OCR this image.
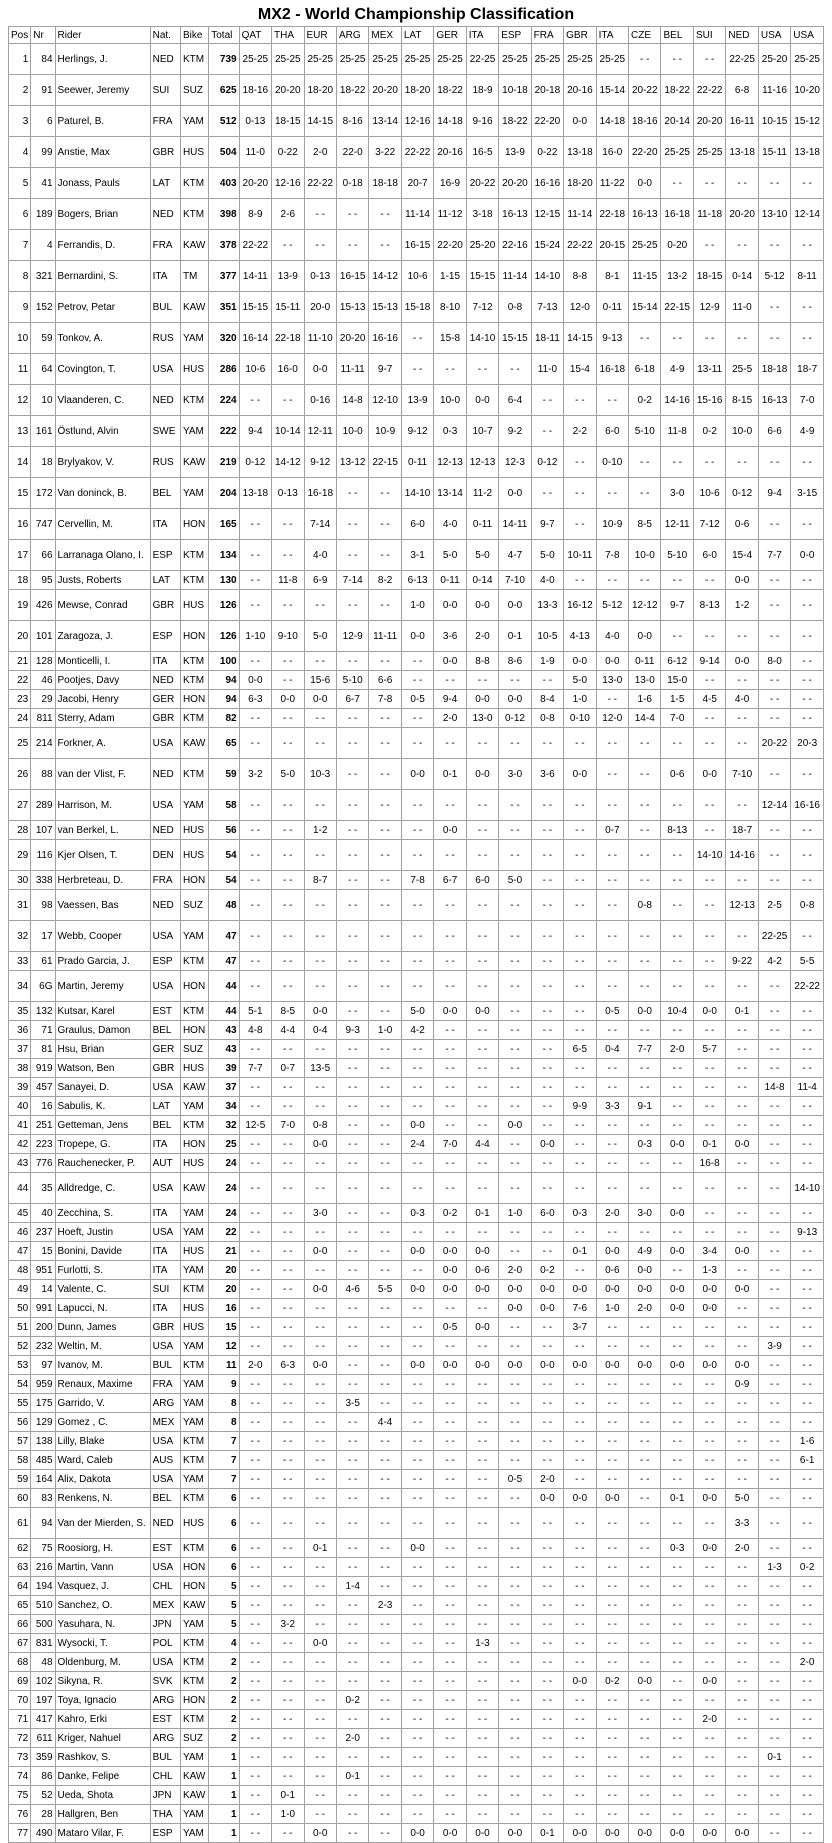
MX2 - World Championship Classification
Pos	Nr	Rider	Nat.	Bike	Total	QAT	THA	EUR	ARG	MEX	LAT	GER	ITA	ESP	FRA	GBR	ITA	CZE	BEL	SUI	NED	USA	USA
1	84	Herlings, J.	NED	KTM	739	25-25	25-25	25-25	25-25	25-25	25-25	25-25	22-25	25-25	25-25	25-25	25-25	- -	- -	- -	22-25	25-20	25-25
2	91	Seewer, Jeremy	SUI	SUZ	625	18-16	20-20	18-20	18-22	20-20	18-20	18-22	18-9	10-18	20-18	20-16	15-14	20-22	18-22	22-22	6-8	11-16	10-20
3	6	Paturel, B.	FRA	YAM	512	0-13	18-15	14-15	8-16	13-14	12-16	14-18	9-16	18-22	22-20	0-0	14-18	18-16	20-14	20-20	16-11	10-15	15-12
4	99	Anstie, Max	GBR	HUS	504	11-0	0-22	2-0	22-0	3-22	22-22	20-16	16-5	13-9	0-22	13-18	16-0	22-20	25-25	25-25	13-18	15-11	13-18
5	41	Jonass, Pauls	LAT	KTM	403	20-20	12-16	22-22	0-18	18-18	20-7	16-9	20-22	20-20	16-16	18-20	11-22	0-0	- -	- -	- -	- -	- -
6	189	Bogers, Brian	NED	KTM	398	8-9	2-6	- -	- -	- -	11-14	11-12	3-18	16-13	12-15	11-14	22-18	16-13	16-18	11-18	20-20	13-10	12-14
7	4	Ferrandis, D.	FRA	KAW	378	22-22	- -	- -	- -	- -	16-15	22-20	25-20	22-16	15-24	22-22	20-15	25-25	0-20	- -	- -	- -	- -
8	321	Bernardini, S.	ITA	TM	377	14-11	13-9	0-13	16-15	14-12	10-6	1-15	15-15	11-14	14-10	8-8	8-1	11-15	13-2	18-15	0-14	5-12	8-11
9	152	Petrov, Petar	BUL	KAW	351	15-15	15-11	20-0	15-13	15-13	15-18	8-10	7-12	0-8	7-13	12-0	0-11	15-14	22-15	12-9	11-0	- -	- -
10	59	Tonkov, A.	RUS	YAM	320	16-14	22-18	11-10	20-20	16-16	- -	15-8	14-10	15-15	18-11	14-15	9-13	- -	- -	- -	- -	- -	- -
11	64	Covington, T.	USA	HUS	286	10-6	16-0	0-0	11-11	9-7	- -	- -	- -	- -	11-0	15-4	16-18	6-18	4-9	13-11	25-5	18-18	18-7
12	10	Vlaanderen, C.	NED	KTM	224	- -	- -	0-16	14-8	12-10	13-9	10-0	0-0	6-4	- -	- -	- -	0-2	14-16	15-16	8-15	16-13	7-0
13	161	Östlund, Alvin	SWE	YAM	222	9-4	10-14	12-11	10-0	10-9	9-12	0-3	10-7	9-2	- -	2-2	6-0	5-10	11-8	0-2	10-0	6-6	4-9
14	18	Brylyakov, V.	RUS	KAW	219	0-12	14-12	9-12	13-12	22-15	0-11	12-13	12-13	12-3	0-12	- -	0-10	- -	- -	- -	- -	- -	- -
15	172	Van doninck, B.	BEL	YAM	204	13-18	0-13	16-18	- -	- -	14-10	13-14	11-2	0-0	- -	- -	- -	- -	3-0	10-6	0-12	9-4	3-15
16	747	Cervellin, M.	ITA	HON	165	- -	- -	7-14	- -	- -	6-0	4-0	0-11	14-11	9-7	- -	10-9	8-5	12-11	7-12	0-6	- -	- -
17	66	Larranaga Olano, I.	ESP	KTM	134	- -	- -	4-0	- -	- -	3-1	5-0	5-0	4-7	5-0	10-11	7-8	10-0	5-10	6-0	15-4	7-7	0-0
18	95	Justs, Roberts	LAT	KTM	130	- -	11-8	6-9	7-14	8-2	6-13	0-11	0-14	7-10	4-0	- -	- -	- -	- -	- -	0-0	- -	- -
19	426	Mewse, Conrad	GBR	HUS	126	- -	- -	- -	- -	- -	1-0	0-0	0-0	0-0	13-3	16-12	5-12	12-12	9-7	8-13	1-2	- -	- -
20	101	Zaragoza, J.	ESP	HON	126	1-10	9-10	5-0	12-9	11-11	0-0	3-6	2-0	0-1	10-5	4-13	4-0	0-0	- -	- -	- -	- -	- -
21	128	Monticelli, I.	ITA	KTM	100	- -	- -	- -	- -	- -	- -	0-0	8-8	8-6	1-9	0-0	0-0	0-11	6-12	9-14	0-0	8-0	- -
22	46	Pootjes, Davy	NED	KTM	94	0-0	- -	15-6	5-10	6-6	- -	- -	- -	- -	- -	5-0	13-0	13-0	15-0	- -	- -	- -	- -
23	29	Jacobi, Henry	GER	HON	94	6-3	0-0	0-0	6-7	7-8	0-5	9-4	0-0	0-0	8-4	1-0	- -	1-6	1-5	4-5	4-0	- -	- -
24	811	Sterry, Adam	GBR	KTM	82	- -	- -	- -	- -	- -	- -	2-0	13-0	0-12	0-8	0-10	12-0	14-4	7-0	- -	- -	- -	- -
25	214	Forkner, A.	USA	KAW	65	- -	- -	- -	- -	- -	- -	- -	- -	- -	- -	- -	- -	- -	- -	- -	- -	20-22	20-3
26	88	van der Vlist, F.	NED	KTM	59	3-2	5-0	10-3	- -	- -	0-0	0-1	0-0	3-0	3-6	0-0	- -	- -	0-6	0-0	7-10	- -	- -
27	289	Harrison, M.	USA	YAM	58	- -	- -	- -	- -	- -	- -	- -	- -	- -	- -	- -	- -	- -	- -	- -	- -	12-14	16-16
28	107	van Berkel, L.	NED	HUS	56	- -	- -	1-2	- -	- -	- -	0-0	- -	- -	- -	- -	0-7	- -	8-13	- -	18-7	- -	- -
29	116	Kjer Olsen, T.	DEN	HUS	54	- -	- -	- -	- -	- -	- -	- -	- -	- -	- -	- -	- -	- -	- -	14-10	14-16	- -	- -
30	338	Herbreteau, D.	FRA	HON	54	- -	- -	8-7	- -	- -	7-8	6-7	6-0	5-0	- -	- -	- -	- -	- -	- -	- -	- -	- -
31	98	Vaessen, Bas	NED	SUZ	48	- -	- -	- -	- -	- -	- -	- -	- -	- -	- -	- -	- -	0-8	- -	- -	12-13	2-5	0-8
32	17	Webb, Cooper	USA	YAM	47	- -	- -	- -	- -	- -	- -	- -	- -	- -	- -	- -	- -	- -	- -	- -	- -	22-25	- -
33	61	Prado Garcia, J.	ESP	KTM	47	- -	- -	- -	- -	- -	- -	- -	- -	- -	- -	- -	- -	- -	- -	- -	9-22	4-2	5-5
34	6G	Martin, Jeremy	USA	HON	44	- -	- -	- -	- -	- -	- -	- -	- -	- -	- -	- -	- -	- -	- -	- -	- -	- -	22-22
35	132	Kutsar, Karel	EST	KTM	44	5-1	8-5	0-0	- -	- -	5-0	0-0	0-0	- -	- -	- -	0-5	0-0	10-4	0-0	0-1	- -	- -
36	71	Graulus, Damon	BEL	HON	43	4-8	4-4	0-4	9-3	1-0	4-2	- -	- -	- -	- -	- -	- -	- -	- -	- -	- -	- -	- -
37	81	Hsu, Brian	GER	SUZ	43	- -	- -	- -	- -	- -	- -	- -	- -	- -	- -	6-5	0-4	7-7	2-0	5-7	- -	- -	- -
38	919	Watson, Ben	GBR	HUS	39	7-7	0-7	13-5	- -	- -	- -	- -	- -	- -	- -	- -	- -	- -	- -	- -	- -	- -	- -
39	457	Sanayei, D.	USA	KAW	37	- -	- -	- -	- -	- -	- -	- -	- -	- -	- -	- -	- -	- -	- -	- -	- -	14-8	11-4
40	16	Sabulis, K.	LAT	YAM	34	- -	- -	- -	- -	- -	- -	- -	- -	- -	- -	9-9	3-3	9-1	- -	- -	- -	- -	- -
41	251	Getteman, Jens	BEL	KTM	32	12-5	7-0	0-8	- -	- -	0-0	- -	- -	0-0	- -	- -	- -	- -	- -	- -	- -	- -	- -
42	223	Tropepe, G.	ITA	HON	25	- -	- -	0-0	- -	- -	2-4	7-0	4-4	- -	0-0	- -	- -	0-3	0-0	0-1	0-0	- -	- -
43	776	Rauchenecker, P.	AUT	HUS	24	- -	- -	- -	- -	- -	- -	- -	- -	- -	- -	- -	- -	- -	- -	16-8	- -	- -	- -
44	35	Alldredge, C.	USA	KAW	24	- -	- -	- -	- -	- -	- -	- -	- -	- -	- -	- -	- -	- -	- -	- -	- -	- -	14-10
45	40	Zecchina, S.	ITA	YAM	24	- -	- -	3-0	- -	- -	0-3	0-2	0-1	1-0	6-0	0-3	2-0	3-0	0-0	- -	- -	- -	- -
46	237	Hoeft, Justin	USA	YAM	22	- -	- -	- -	- -	- -	- -	- -	- -	- -	- -	- -	- -	- -	- -	- -	- -	- -	9-13
47	15	Bonini, Davide	ITA	HUS	21	- -	- -	0-0	- -	- -	0-0	0-0	0-0	- -	- -	0-1	0-0	4-9	0-0	3-4	0-0	- -	- -
48	951	Furlotti, S.	ITA	YAM	20	- -	- -	- -	- -	- -	- -	0-0	0-6	2-0	0-2	- -	0-6	0-0	- -	1-3	- -	- -	- -
49	14	Valente, C.	SUI	KTM	20	- -	- -	0-0	4-6	5-5	0-0	0-0	0-0	0-0	0-0	0-0	0-0	0-0	0-0	0-0	0-0	- -	- -
50	991	Lapucci, N.	ITA	HUS	16	- -	- -	- -	- -	- -	- -	- -	- -	0-0	0-0	7-6	1-0	2-0	0-0	0-0	- -	- -	- -
51	200	Dunn, James	GBR	HUS	15	- -	- -	- -	- -	- -	- -	0-5	0-0	- -	- -	3-7	- -	- -	- -	- -	- -	- -	- -
52	232	Weltin, M.	USA	YAM	12	- -	- -	- -	- -	- -	- -	- -	- -	- -	- -	- -	- -	- -	- -	- -	- -	3-9	- -
53	97	Ivanov, M.	BUL	KTM	11	2-0	6-3	0-0	- -	- -	0-0	0-0	0-0	0-0	0-0	0-0	0-0	0-0	0-0	0-0	0-0	- -	- -
54	959	Renaux, Maxime	FRA	YAM	9	- -	- -	- -	- -	- -	- -	- -	- -	- -	- -	- -	- -	- -	- -	- -	0-9	- -	- -
55	175	Garrido, V.	ARG	YAM	8	- -	- -	- -	3-5	- -	- -	- -	- -	- -	- -	- -	- -	- -	- -	- -	- -	- -	- -
56	129	Gomez , C.	MEX	YAM	8	- -	- -	- -	- -	4-4	- -	- -	- -	- -	- -	- -	- -	- -	- -	- -	- -	- -	- -
57	138	Lilly, Blake	USA	KTM	7	- -	- -	- -	- -	- -	- -	- -	- -	- -	- -	- -	- -	- -	- -	- -	- -	- -	1-6
58	485	Ward, Caleb	AUS	KTM	7	- -	- -	- -	- -	- -	- -	- -	- -	- -	- -	- -	- -	- -	- -	- -	- -	- -	6-1
59	164	Alix, Dakota	USA	YAM	7	- -	- -	- -	- -	- -	- -	- -	- -	0-5	2-0	- -	- -	- -	- -	- -	- -	- -	- -
60	83	Renkens, N.	BEL	KTM	6	- -	- -	- -	- -	- -	- -	- -	- -	- -	0-0	0-0	0-0	- -	0-1	0-0	5-0	- -	- -
61	94	Van der Mierden, S.	NED	HUS	6	- -	- -	- -	- -	- -	- -	- -	- -	- -	- -	- -	- -	- -	- -	- -	3-3	- -	- -
62	75	Roosiorg, H.	EST	KTM	6	- -	- -	0-1	- -	- -	0-0	- -	- -	- -	- -	- -	- -	- -	0-3	0-0	2-0	- -	- -
63	216	Martin, Vann	USA	HON	6	- -	- -	- -	- -	- -	- -	- -	- -	- -	- -	- -	- -	- -	- -	- -	- -	1-3	0-2
64	194	Vasquez, J.	CHL	HON	5	- -	- -	- -	1-4	- -	- -	- -	- -	- -	- -	- -	- -	- -	- -	- -	- -	- -	- -
65	510	Sanchez, O.	MEX	KAW	5	- -	- -	- -	- -	2-3	- -	- -	- -	- -	- -	- -	- -	- -	- -	- -	- -	- -	- -
66	500	Yasuhara, N.	JPN	YAM	5	- -	3-2	- -	- -	- -	- -	- -	- -	- -	- -	- -	- -	- -	- -	- -	- -	- -	- -
67	831	Wysocki, T.	POL	KTM	4	- -	- -	0-0	- -	- -	- -	- -	1-3	- -	- -	- -	- -	- -	- -	- -	- -	- -	- -
68	48	Oldenburg, M.	USA	KTM	2	- -	- -	- -	- -	- -	- -	- -	- -	- -	- -	- -	- -	- -	- -	- -	- -	- -	2-0
69	102	Sikyna, R.	SVK	KTM	2	- -	- -	- -	- -	- -	- -	- -	- -	- -	- -	0-0	0-2	0-0	- -	0-0	- -	- -	- -
70	197	Toya, Ignacio	ARG	HON	2	- -	- -	- -	0-2	- -	- -	- -	- -	- -	- -	- -	- -	- -	- -	- -	- -	- -	- -
71	417	Kahro, Erki	EST	KTM	2	- -	- -	- -	- -	- -	- -	- -	- -	- -	- -	- -	- -	- -	- -	2-0	- -	- -	- -
72	611	Kriger, Nahuel	ARG	SUZ	2	- -	- -	- -	2-0	- -	- -	- -	- -	- -	- -	- -	- -	- -	- -	- -	- -	- -	- -
73	359	Rashkov, S.	BUL	YAM	1	- -	- -	- -	- -	- -	- -	- -	- -	- -	- -	- -	- -	- -	- -	- -	- -	0-1	- -
74	86	Danke, Felipe	CHL	KAW	1	- -	- -	- -	0-1	- -	- -	- -	- -	- -	- -	- -	- -	- -	- -	- -	- -	- -	- -
75	52	Ueda, Shota	JPN	KAW	1	- -	0-1	- -	- -	- -	- -	- -	- -	- -	- -	- -	- -	- -	- -	- -	- -	- -	- -
76	28	Hallgren, Ben	THA	YAM	1	- -	1-0	- -	- -	- -	- -	- -	- -	- -	- -	- -	- -	- -	- -	- -	- -	- -	- -
77	490	Mataro Vilar, F.	ESP	YAM	1	- -	- -	0-0	- -	- -	0-0	0-0	0-0	0-0	0-1	0-0	0-0	0-0	0-0	0-0	0-0	- -	- -
